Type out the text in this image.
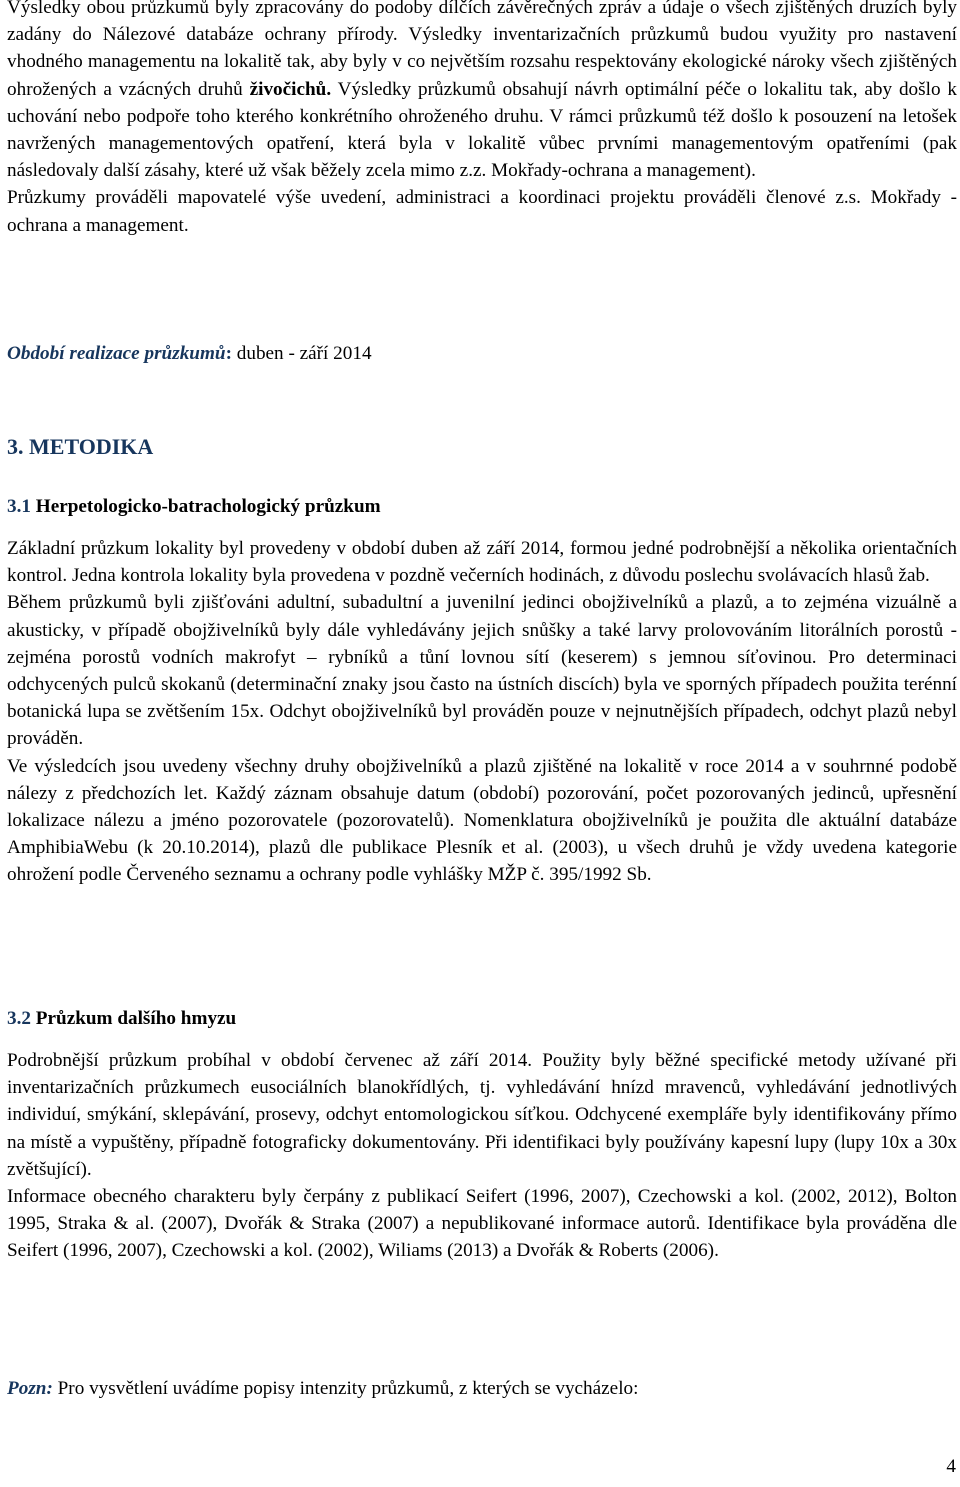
Výsledky obou průzkumů byly zpracovány do podoby dílčích závěrečných zpráv a údaje o všech zjištěných druzích byly zadány do Nálezové databáze ochrany přírody. Výsledky inventarizačních průzkumů budou využity pro nastavení vhodného managementu na lokalitě tak, aby byly v co největším rozsahu respektovány ekologické nároky všech zjištěných ohrožených a vzácných druhů živočichů. Výsledky průzkumů obsahují návrh optimální péče o lokalitu tak, aby došlo k uchování nebo podpoře toho kterého konkrétního ohroženého druhu. V rámci průzkumů též došlo k posouzení na letošek navržených managementových opatření, která byla v lokalitě vůbec prvními managementovým opatřeními (pak následovaly další zásahy, které už však běžely zcela mimo z.z. Mokřady-ochrana a management).

Průzkumy prováděli mapovatelé výše uvedení, administraci a koordinaci projektu prováděli členové z.s. Mokřady - ochrana a management.

Období realizace průzkumů: duben - září 2014

3. METODIKA
3.1 Herpetologicko-batrachologický průzkum

Základní průzkum lokality byl provedeny v období duben až září 2014, formou jedné podrobnější a několika orientačních kontrol. Jedna kontrola lokality byla provedena v pozdně večerních hodinách, z důvodu poslechu svolávacích hlasů žab.

Během průzkumů byli zjišťováni adultní, subadultní a juvenilní jedinci obojživelníků a plazů, a to zejména vizuálně a akusticky, v případě obojživelníků byly dále vyhledávány jejich snůšky a také larvy prolovováním litorálních porostů - zejména porostů vodních makrofyt – rybníků a tůní lovnou sítí (keserem) s jemnou síťovinou. Pro determinaci odchycených pulců skokanů (determinační znaky jsou často na ústních discích) byla ve sporných případech použita terénní botanická lupa se zvětšením 15x. Odchyt obojživelníků byl prováděn pouze v nejnutnějších případech, odchyt plazů nebyl prováděn.

Ve výsledcích jsou uvedeny všechny druhy obojživelníků a plazů zjištěné na lokalitě v roce 2014 a v souhrnné podobě nálezy z předchozích let. Každý záznam obsahuje datum (období) pozorování, počet pozorovaných jedinců, upřesnění lokalizace nálezu a jméno pozorovatele (pozorovatelů). Nomenklatura obojživelníků je použita dle aktuální databáze AmphibiaWebu (k 20.10.2014), plazů dle publikace Plesník et al. (2003), u všech druhů je vždy uvedena kategorie ohrožení podle Červeného seznamu a ochrany podle vyhlášky MŽP č. 395/1992 Sb.

3.2 Průzkum dalšího hmyzu

Podrobnější průzkum probíhal v období červenec až září 2014. Použity byly běžné specifické metody užívané při inventarizačních průzkumech eusociálních blanokřídlých, tj. vyhledávání hnízd mravenců, vyhledávání jednotlivých individuí, smýkání, sklepávání, prosevy, odchyt entomologickou síťkou. Odchycené exempláře byly identifikovány přímo na místě a vypuštěny, případně fotograficky dokumentovány. Při identifikaci byly používány kapesní lupy (lupy 10x a 30x zvětšující).

Informace obecného charakteru byly čerpány z publikací Seifert (1996, 2007), Czechowski a kol. (2002, 2012), Bolton 1995, Straka & al. (2007), Dvořák & Straka (2007) a nepublikované informace autorů. Identifikace byla prováděna dle Seifert (1996, 2007), Czechowski a kol. (2002), Wiliams (2013) a Dvořák & Roberts (2006).

Pozn: Pro vysvětlení uvádíme popisy intenzity průzkumů, z kterých se vycházelo:

4
